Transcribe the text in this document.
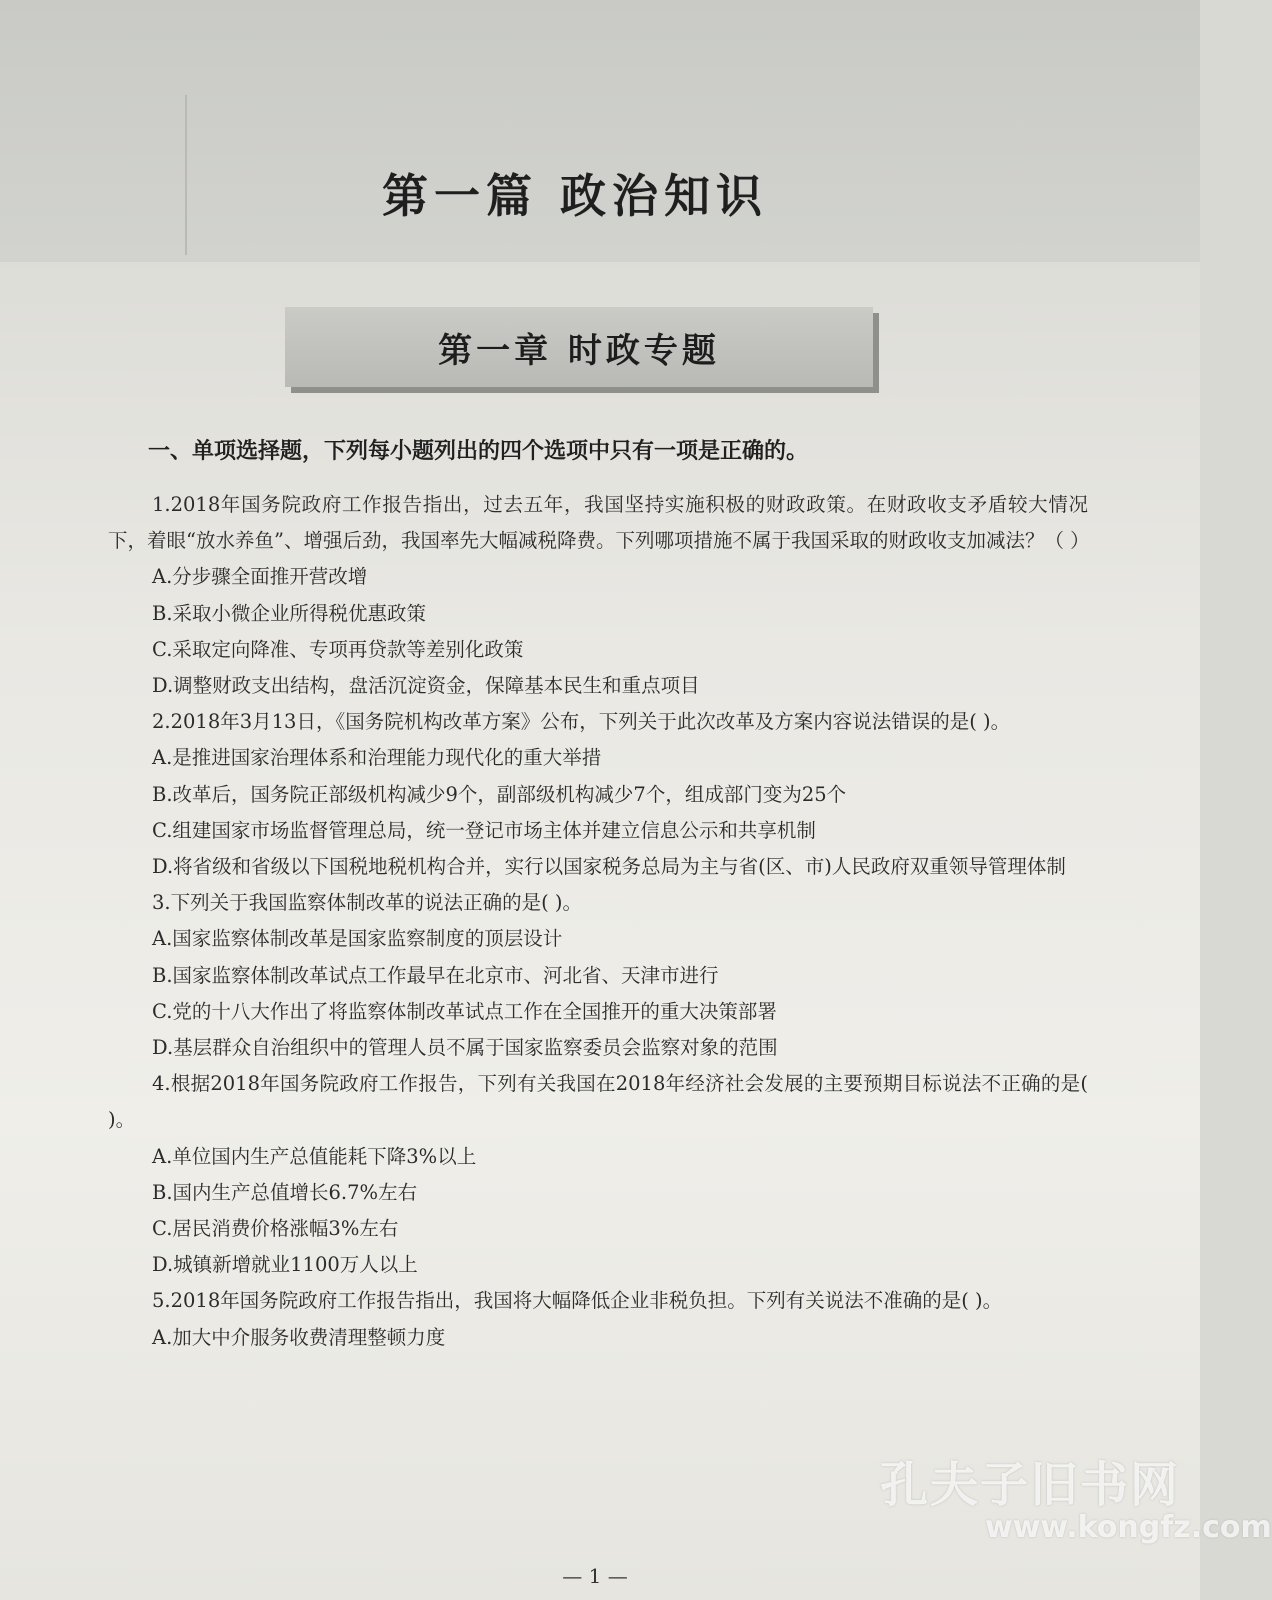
第一篇 政治知识
第一章 时政专题
一、单项选择题，下列每小题列出的四个选项中只有一项是正确的。

1.2018年国务院政府工作报告指出，过去五年，我国坚持实施积极的财政政策。在财政收支矛盾较大情况下，着眼“放水养鱼”、增强后劲，我国率先大幅减税降费。下列哪项措施不属于我国采取的财政收支加减法？（ ）

A.分步骤全面推开营改增

B.采取小微企业所得税优惠政策

C.采取定向降准、专项再贷款等差别化政策

D.调整财政支出结构，盘活沉淀资金，保障基本民生和重点项目

2.2018年3月13日，《国务院机构改革方案》公布，下列关于此次改革及方案内容说法错误的是( )。

A.是推进国家治理体系和治理能力现代化的重大举措

B.改革后，国务院正部级机构减少9个，副部级机构减少7个，组成部门变为25个

C.组建国家市场监督管理总局，统一登记市场主体并建立信息公示和共享机制

D.将省级和省级以下国税地税机构合并，实行以国家税务总局为主与省(区、市)人民政府双重领导管理体制

3.下列关于我国监察体制改革的说法正确的是( )。

A.国家监察体制改革是国家监察制度的顶层设计

B.国家监察体制改革试点工作最早在北京市、河北省、天津市进行

C.党的十八大作出了将监察体制改革试点工作在全国推开的重大决策部署

D.基层群众自治组织中的管理人员不属于国家监察委员会监察对象的范围

4.根据2018年国务院政府工作报告，下列有关我国在2018年经济社会发展的主要预期目标说法不正确的是( )。

A.单位国内生产总值能耗下降3%以上

B.国内生产总值增长6.7%左右

C.居民消费价格涨幅3%左右

D.城镇新增就业1100万人以上

5.2018年国务院政府工作报告指出，我国将大幅降低企业非税负担。下列有关说法不准确的是( )。

A.加大中介服务收费清理整顿力度

— 1 —
孔夫子旧书网
www.kongfz.com
